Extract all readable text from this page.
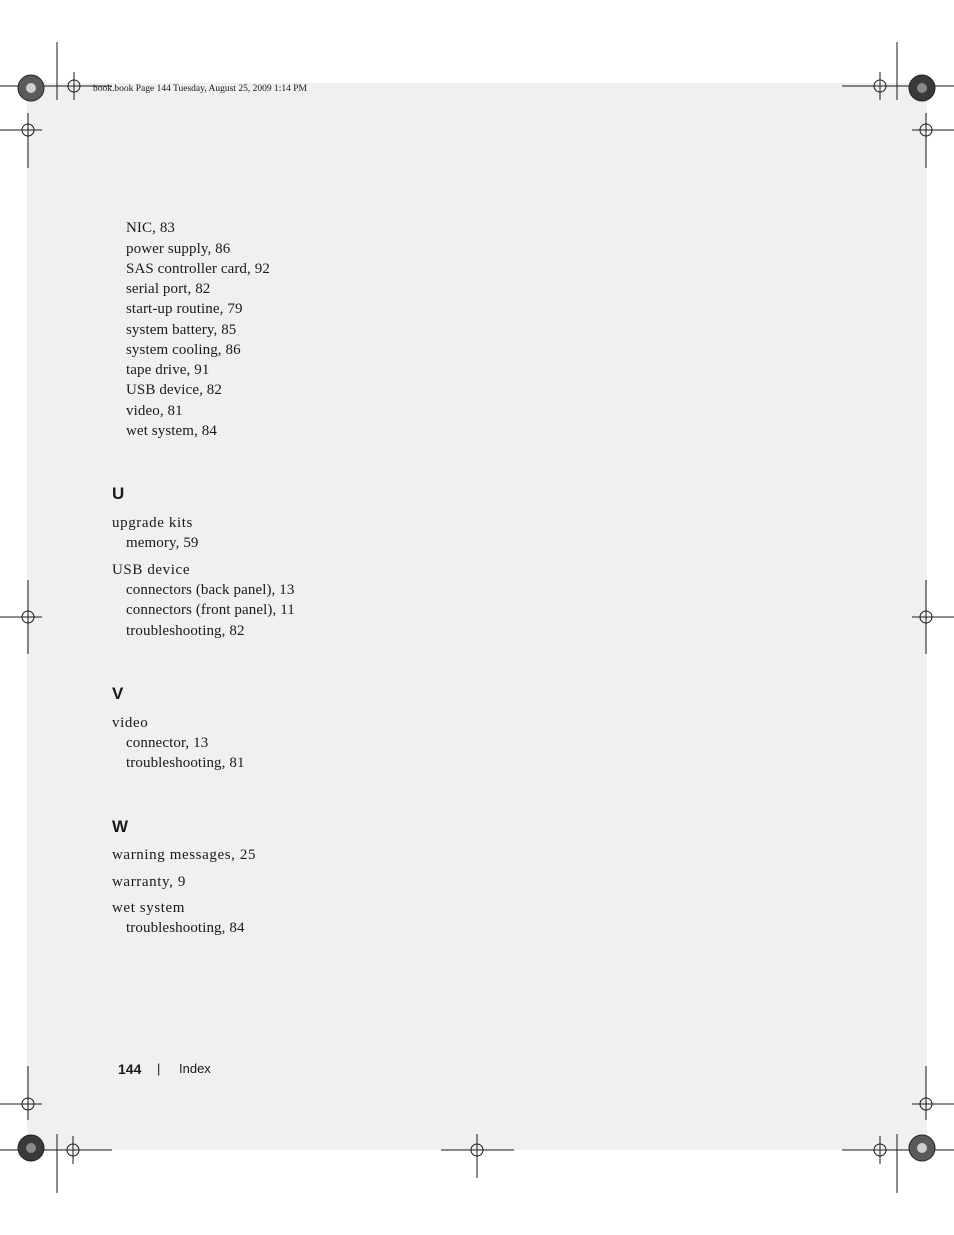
book.book Page 144 Tuesday, August 25, 2009 1:14 PM
NIC, 83
power supply, 86
SAS controller card, 92
serial port, 82
start-up routine, 79
system battery, 85
system cooling, 86
tape drive, 91
USB device, 82
video, 81
wet system, 84
U
upgrade kits
memory, 59
USB device
connectors (back panel), 13
connectors (front panel), 11
troubleshooting, 82
V
video
connector, 13
troubleshooting, 81
W
warning messages, 25
warranty, 9
wet system
troubleshooting, 84
144 | Index
